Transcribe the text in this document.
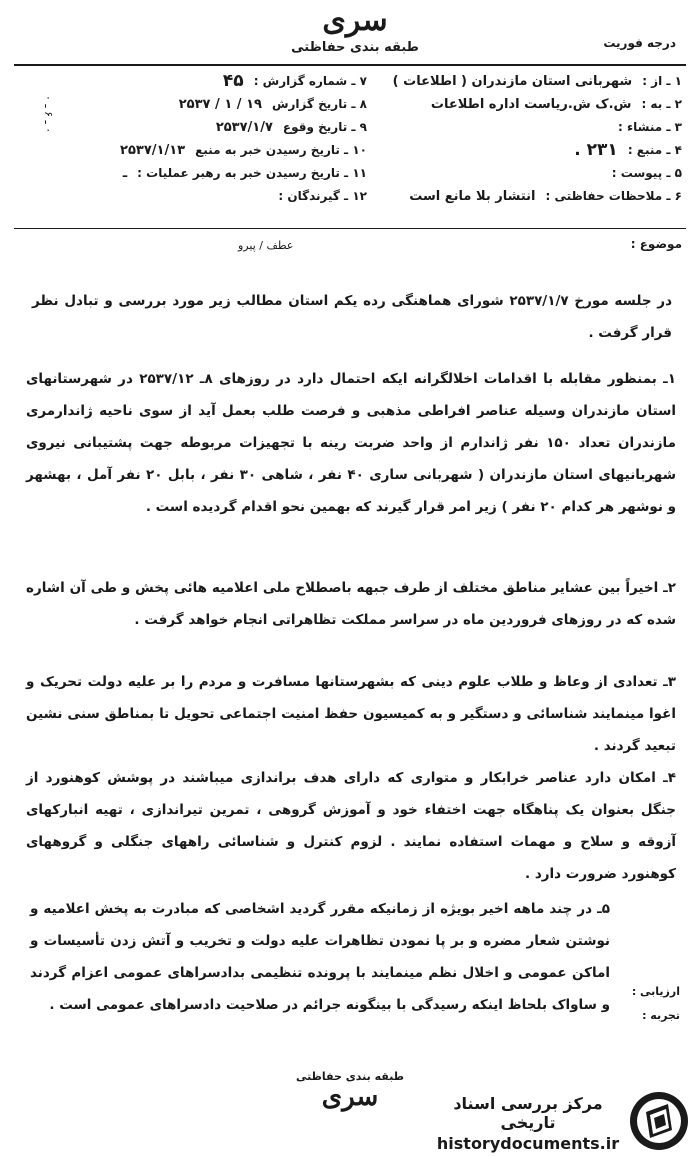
سری
طبقه بندی حفاظتی	درجه فوریت
۱ ـ از :
شهربانی استان مازندران ( اطلاعات )
۲ ـ به :
ش.ک ش.ریاست اداره اطلاعات
۳ ـ منشاء :
۴ ـ منبع :
۲۳۱ .
۵ ـ پیوست :
۶ ـ ملاحظات حفاظتی :
انتشار بلا مانع است
۷ ـ شماره گزارش :
۴۵
۸ ـ تاریخ گزارش
۱۹ / ۱ / ۲۵۳۷
۹ ـ تاریخ وقوع
۲۵۳۷/۱/۷
۱۰ ـ تاریخ رسیدن خبر به منبع
۲۵۳۷/۱/۱۳
۱۱ ـ تاریخ رسیدن خبر به رهبر عملیات :
ـ
۱۲ ـ گیرندگان :
۰ ـ ۶ ـ ۰
موضوع :
عطف / پیرو
در جلسه مورخ ۲۵۳۷/۱/۷ شورای هماهنگی رده یکم استان مطالب زیر مورد بررسی و تبادل نظر قرار گرفت .
۱ـ بمنظور مقابله با اقدامات اخلالگرانه ایکه احتمال دارد در روزهای ۸ـ ۲۵۳۷/۱۲ در شهرستانهای استان مازندران وسیله عناصر افراطی مذهبی و فرصت طلب بعمل آید از سوی ناحیه ژاندارمری مازندران تعداد ۱۵۰ نفر ژاندارم از واحد ضربت رینه با تجهیزات مربوطه جهت پشتیبانی نیروی شهربانیهای استان مازندران ( شهربانی ساری ۴۰ نفر ، شاهی ۳۰ نفر ، بابل ۲۰ نفر آمل ، بهشهر و نوشهر هر کدام ۲۰ نفر ) زیر امر قرار گیرند که بهمین نحو اقدام گردیده است .
۲ـ اخیراً بین عشایر مناطق مختلف از طرف جبهه باصطلاح ملی اعلامیه هائی پخش و طی آن اشاره شده که در روزهای فروردین ماه در سراسر مملکت تظاهراتی انجام خواهد گرفت .
۳ـ تعدادی از وعاظ و طلاب علوم دینی که بشهرستانها مسافرت و مردم را بر علیه دولت تحریک و اغوا مینمایند شناسائی و دستگیر و به کمیسیون حفظ امنیت اجتماعی تحویل تا بمناطق سنی نشین تبعید گردند .
۴ـ امکان دارد عناصر خرابکار و متواری که دارای هدف براندازی میباشند در پوشش کوهنورد از جنگل بعنوان یک پناهگاه جهت اختفاء خود و آموزش گروهی ، تمرین تیراندازی ، تهیه انبارکهای آزوقه و سلاح و مهمات استفاده نمایند . لزوم کنترل و شناسائی راههای جنگلی و گروههای کوهنورد ضرورت دارد .
۵ـ در چند ماهه اخیر بویژه از زمانیکه مقرر گردید اشخاصی که مبادرت به پخش اعلامیه و نوشتن شعار مضره و بر پا نمودن تظاهرات علیه دولت و تخریب و آتش زدن تأسیسات و اماکن عمومی و اخلال نظم مینمایند با پرونده تنظیمی بدادسراهای عمومی اعزام گردند و ساواک بلحاظ اینکه رسیدگی با بینگونه جرائم در صلاحیت دادسراهای عمومی است .
ارزیابی :
تجربه :
طبقه بندی حفاظتی
سری	مرکز بررسی اسناد تاریخی
historydocuments.ir
